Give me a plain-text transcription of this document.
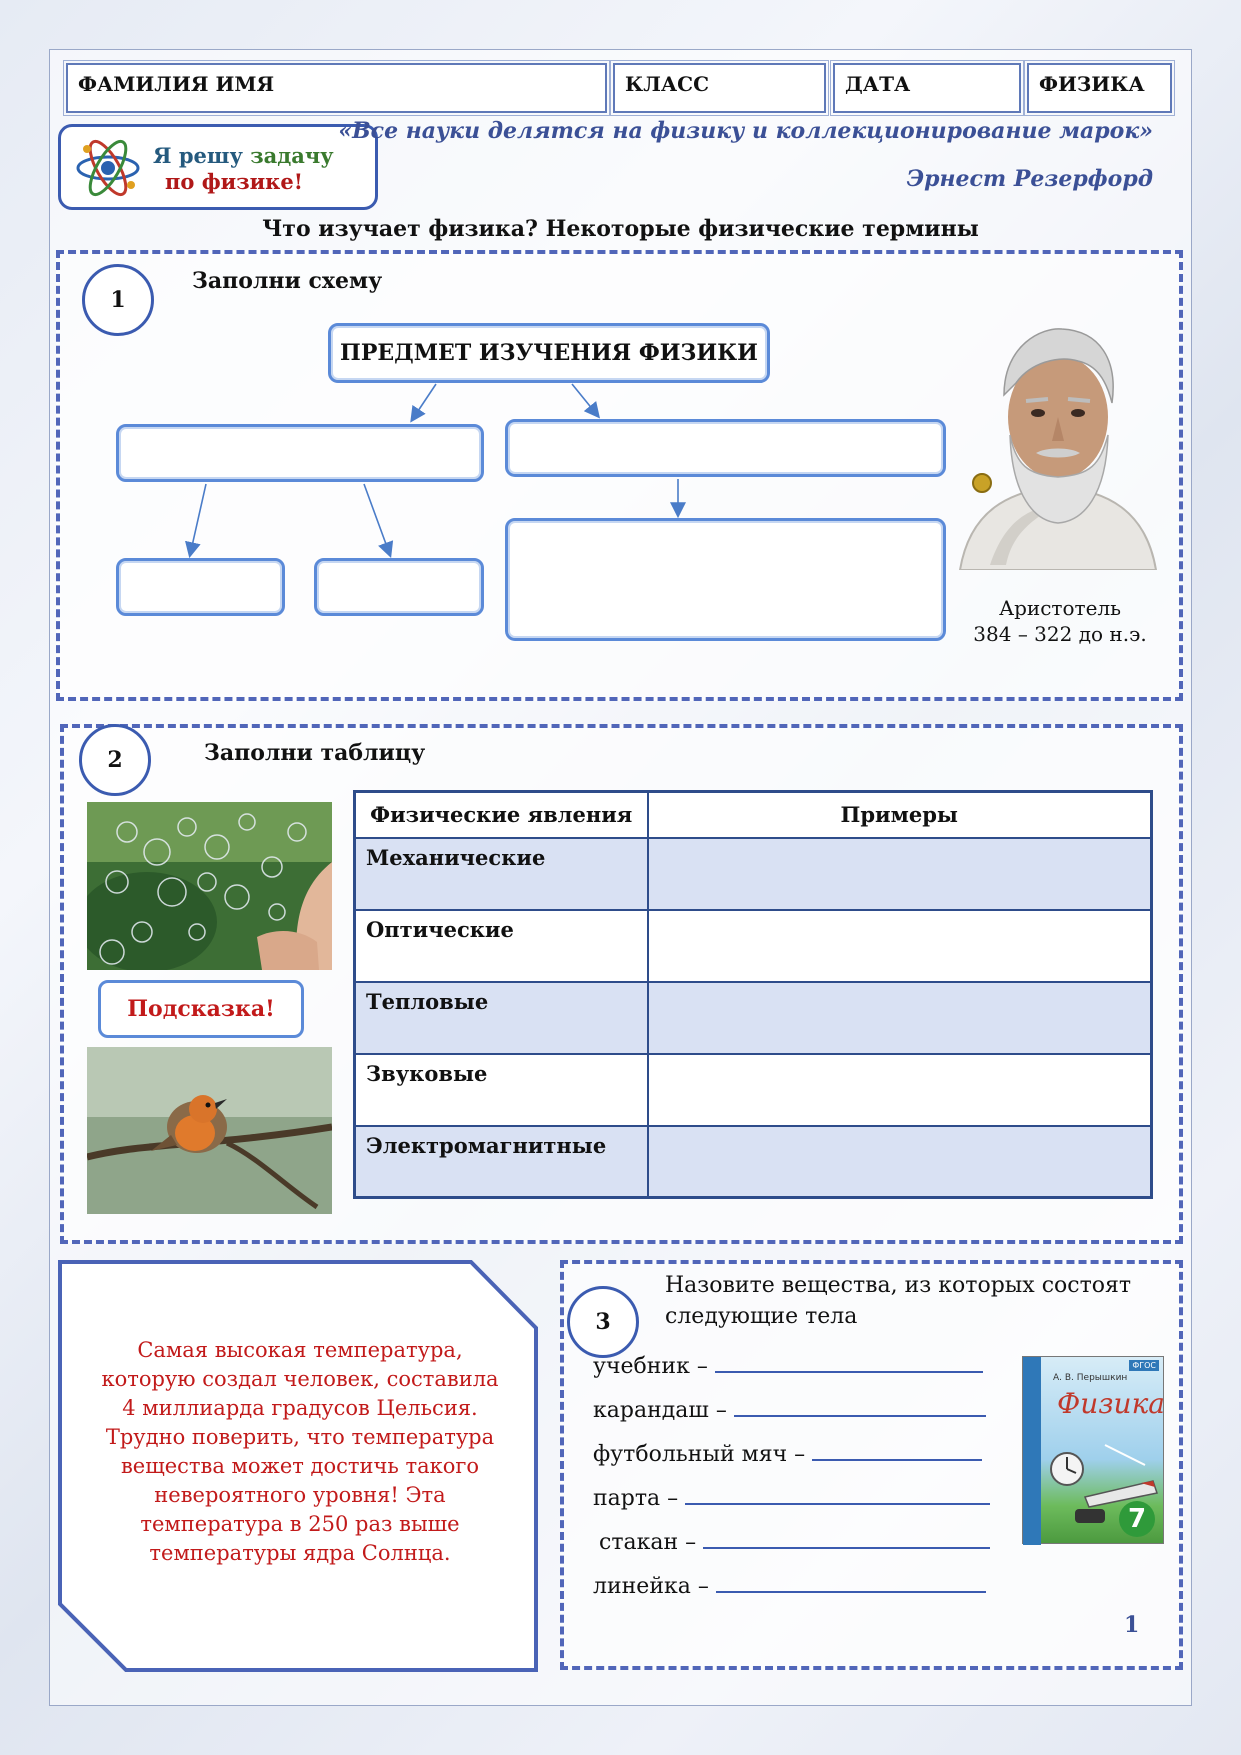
ФАМИЛИЯ ИМЯ	КЛАСС	ДАТА	ФИЗИКА
Я решу задачу
по физике!
«Все науки делятся на физику и коллекционирование марок»
Эрнест Резерфорд
Что изучает физика? Некоторые физические термины
1
Заполни схему
ПРЕДМЕТ ИЗУЧЕНИЯ ФИЗИКИ
Аристотель
384 – 322 до н.э.
2	Заполни таблицу
Подсказка!
Физические явления	Примеры
Механические	
Оптические	
Тепловые	
Звуковые	
Электромагнитные	
Самая высокая температура, которую создал человек, составила 4 миллиарда градусов Цельсия. Трудно поверить, что температура вещества может достичь такого невероятного уровня! Эта температура в 250 раз выше температуры ядра Солнца.
3
Назовите вещества, из которых состоят следующие тела
учебник –
карандаш –
футбольный мяч –
парта –
стакан –
линейка –
А. В. Перышкин
ФГОС
Физика
7
1
